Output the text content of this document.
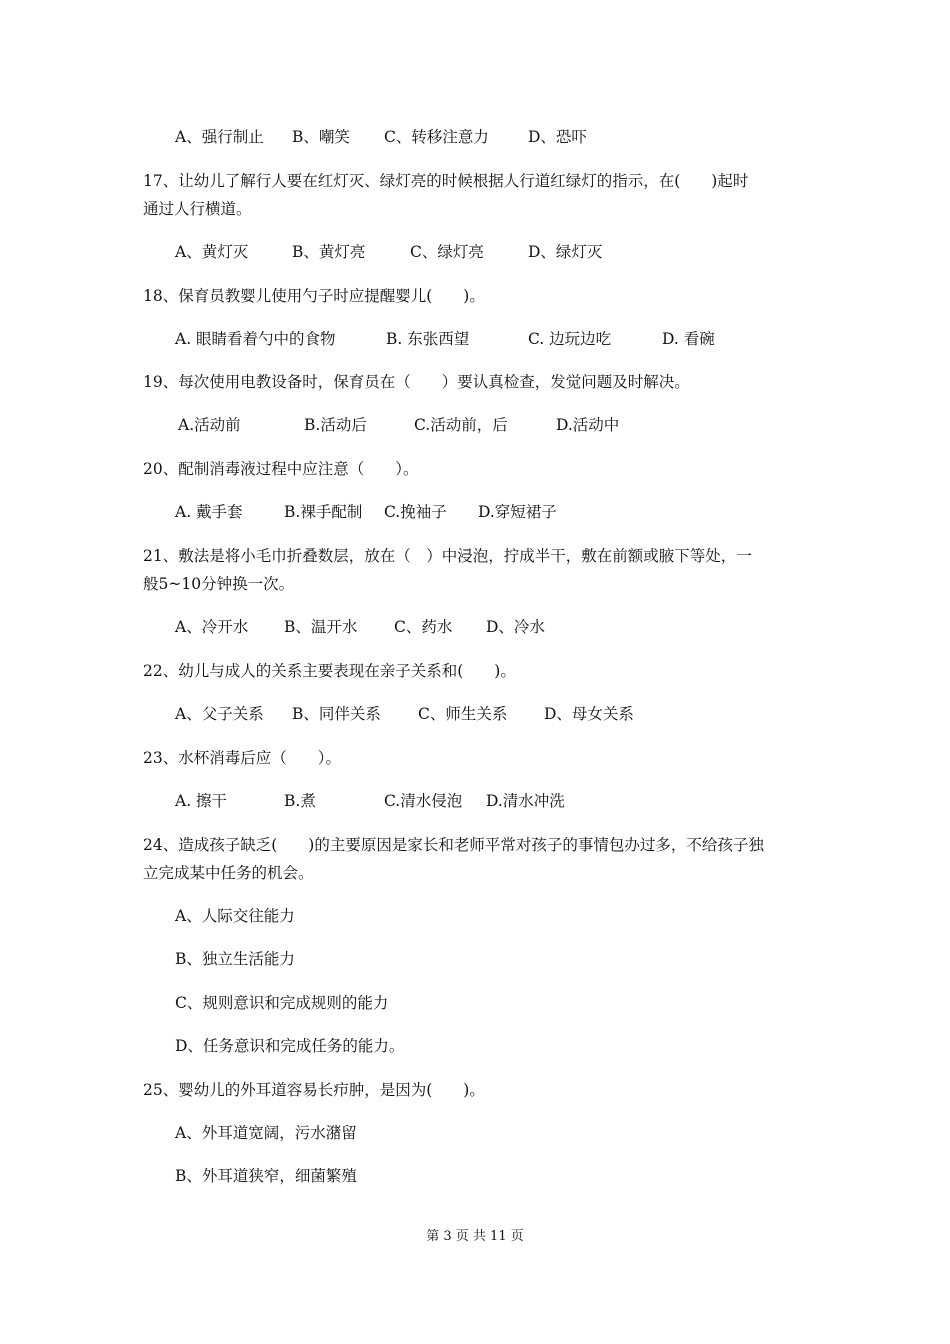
A、强行制止 B、嘲笑 C、转移注意力	D、恐吓
17、让幼儿了解行人要在红灯灭、绿灯亮的时候根据人行道红绿灯的指示，在(　　)起时
通过人行横道。
A、黄灯灭	B、黄灯亮	C、绿灯亮	D、绿灯灭
18、保育员教婴儿使用勺子时应提醒婴儿(　　)。
A. 眼睛看着勺中的食物	B. 东张西望	C. 边玩边吃	D. 看碗
19、每次使用电教设备时，保育员在（　　）要认真检查，发觉问题及时解决。
A.活动前	B.活动后	C.活动前，后	D.活动中
20、配制消毒液过程中应注意（　　）。
A. 戴手套	B.裸手配制 C.挽袖子 D.穿短裙子
21、敷法是将小毛巾折叠数层，放在（　）中浸泡，拧成半干，敷在前额或腋下等处，一
般5~10分钟换一次。
A、冷开水 B、温开水 C、药水 D、冷水
22、幼儿与成人的关系主要表现在亲子关系和(　　)。
A、父子关系 B、同伴关系 C、师生关系 D、母女关系
23、水杯消毒后应（　　）。
A. 擦干	B.煮	C.清水侵泡 D.清水冲洗
24、造成孩子缺乏(　　)的主要原因是家长和老师平常对孩子的事情包办过多，不给孩子独
立完成某中任务的机会。
A、人际交往能力
B、独立生活能力
C、规则意识和完成规则的能力
D、任务意识和完成任务的能力。
25、婴幼儿的外耳道容易长疖肿，是因为(　　)。
A、外耳道宽阔，污水潴留
B、外耳道狭窄，细菌繁殖
第 3 页 共 11 页
